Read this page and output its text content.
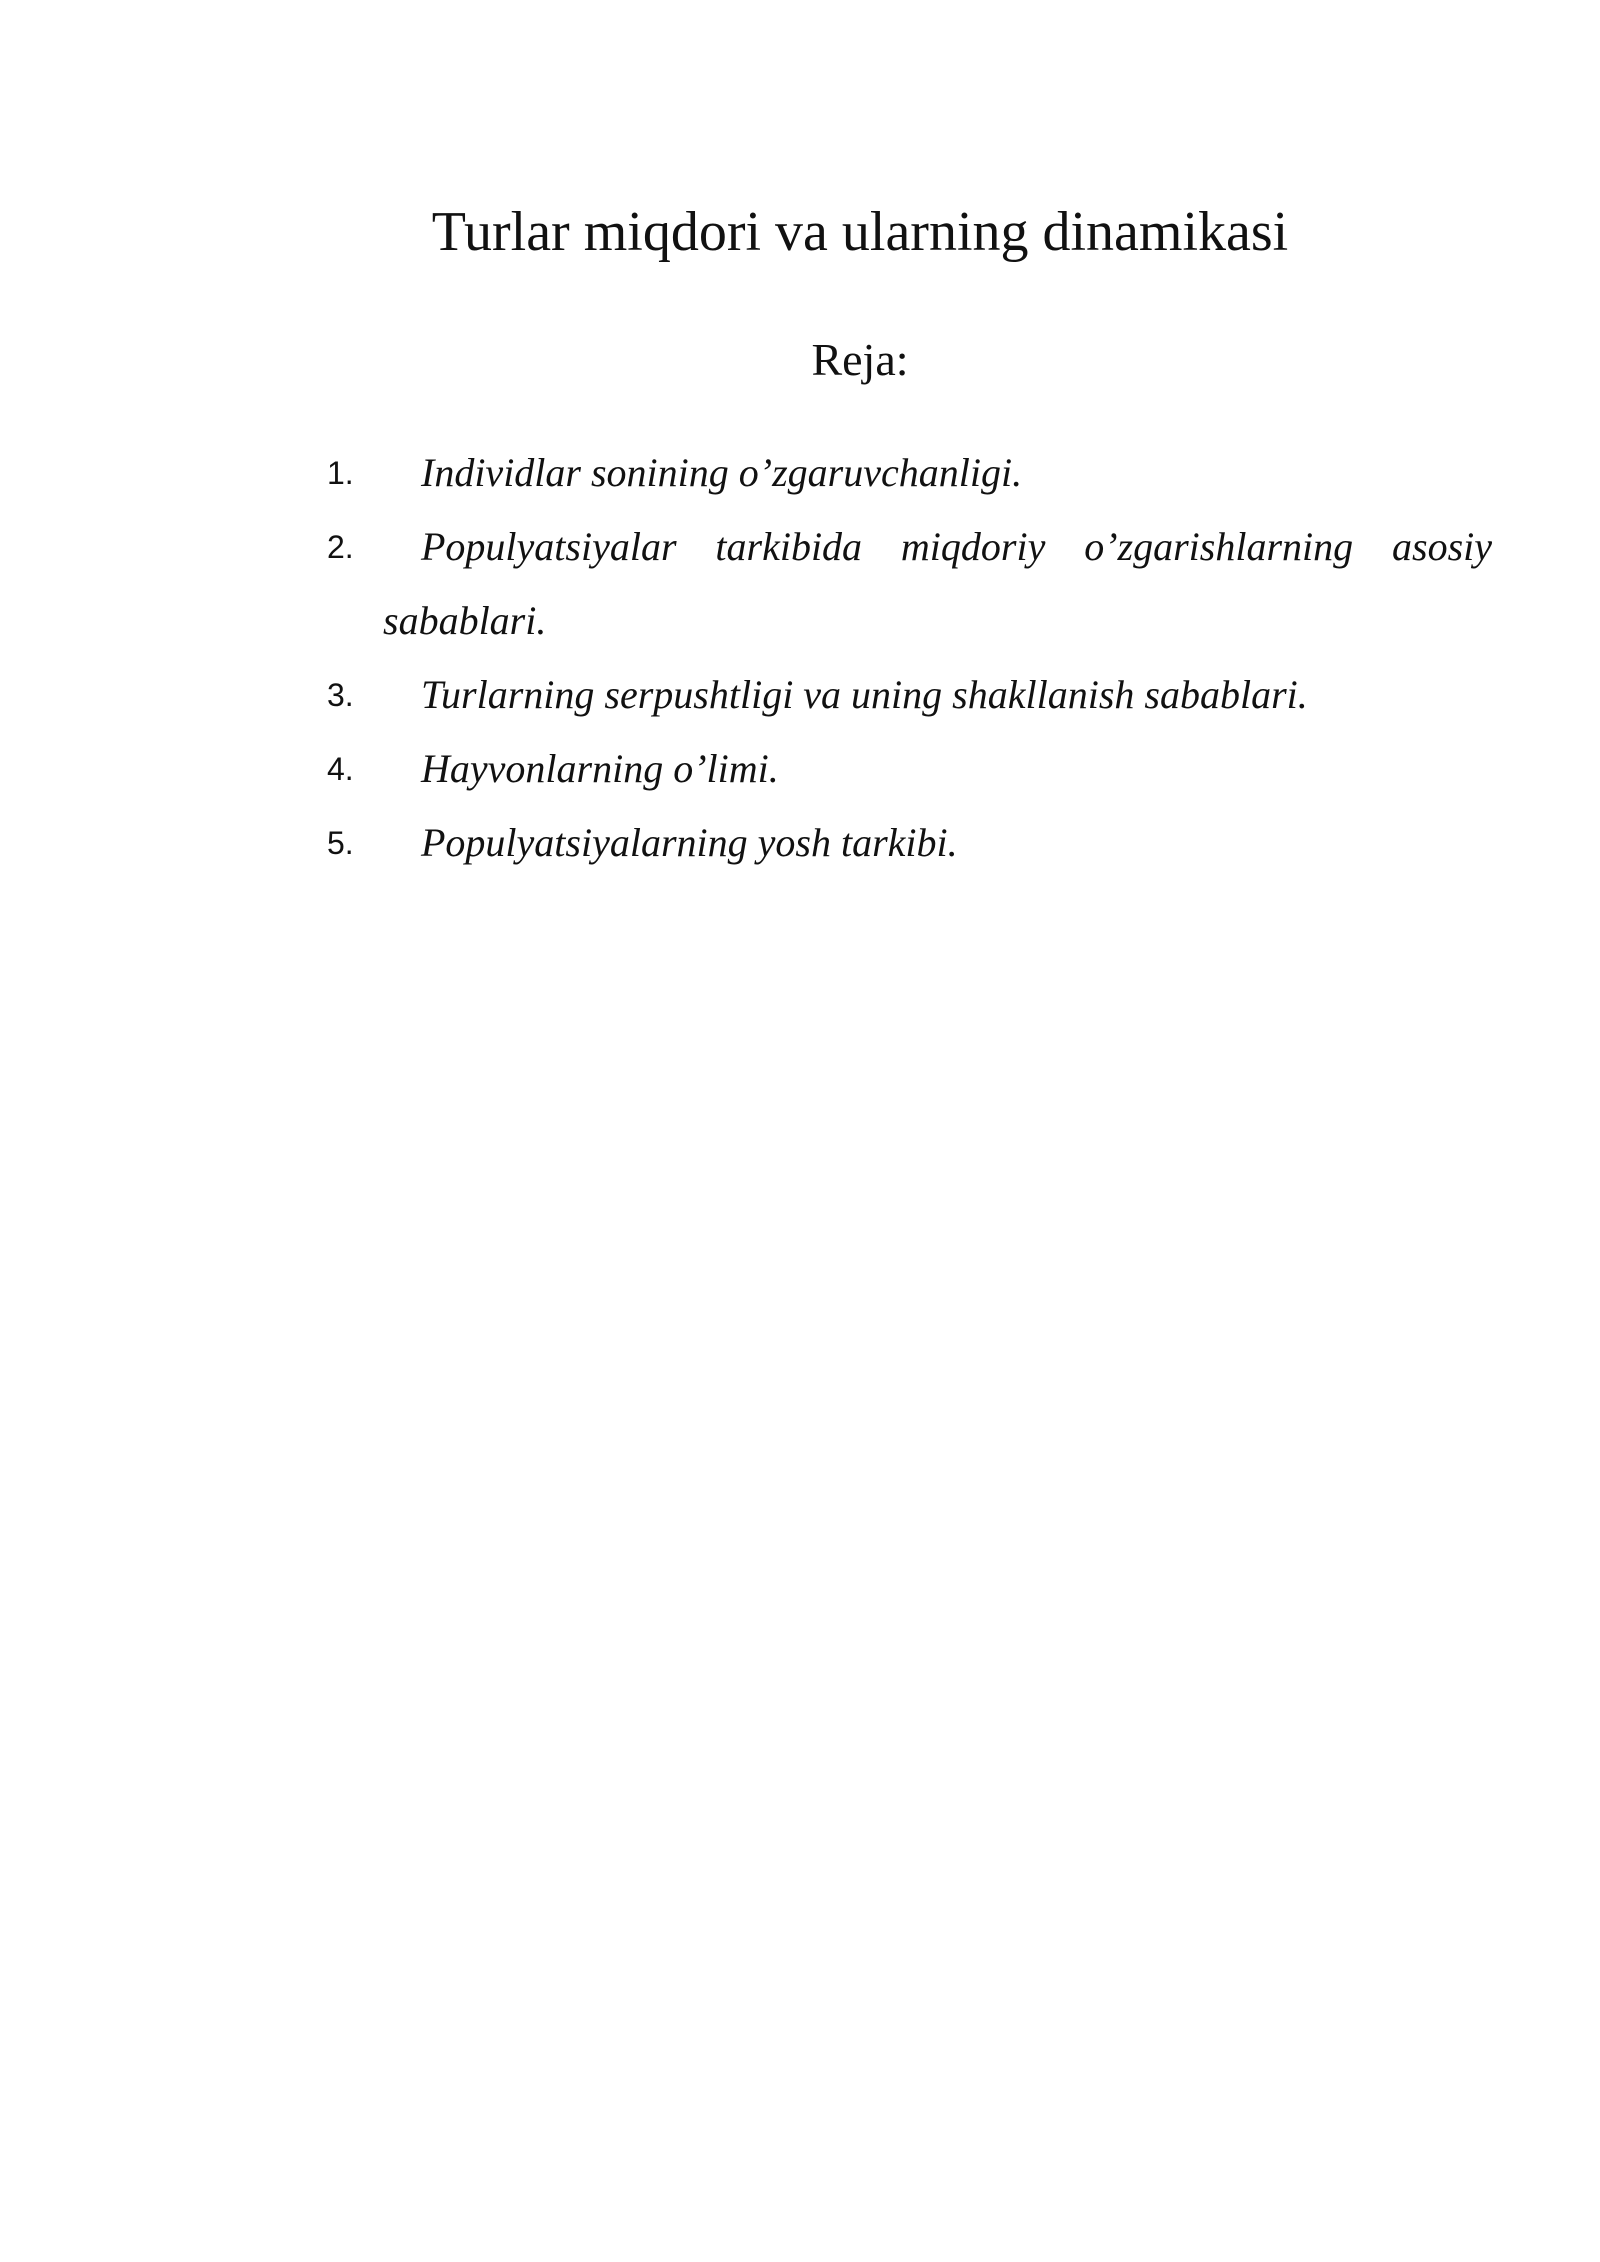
Turlar miqdori va ularning dinamikasi
Reja:
1. Individlar sonining o’zgaruvchanligi.
2. Populyatsiyalar tarkibida miqdoriy o’zgarishlarning asosiy
sabablari.
3. Turlarning serpushtligi va uning shakllanish sabablari.
4. Hayvonlarning o’limi.
5. Populyatsiyalarning yosh tarkibi.
